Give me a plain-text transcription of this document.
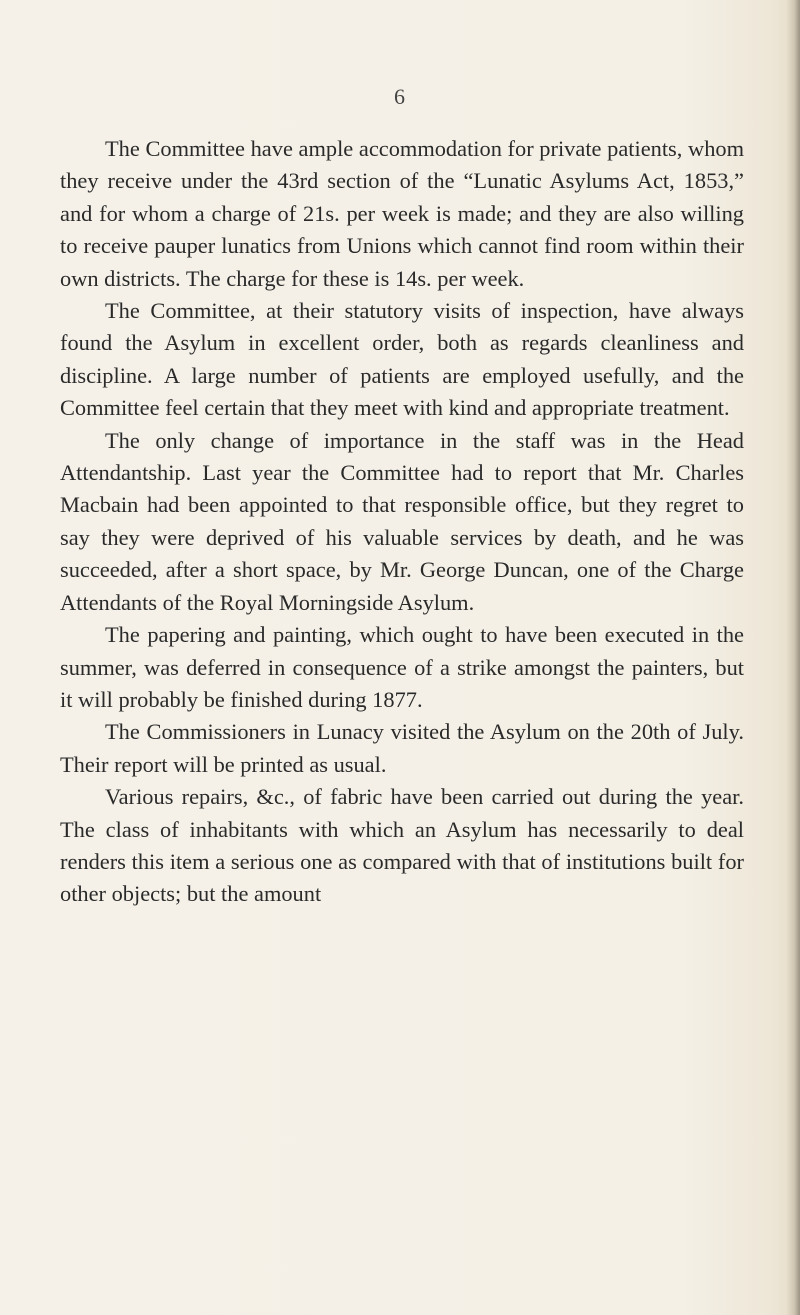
6

The Committee have ample accommodation for private patients, whom they receive under the 43rd section of the “Lunatic Asylums Act, 1853,” and for whom a charge of 21s. per week is made; and they are also willing to receive pauper lunatics from Unions which cannot find room within their own districts. The charge for these is 14s. per week.

The Committee, at their statutory visits of inspection, have always found the Asylum in excellent order, both as regards cleanliness and discipline. A large number of patients are employed usefully, and the Committee feel certain that they meet with kind and appropriate treatment.

The only change of importance in the staff was in the Head Attendantship. Last year the Committee had to report that Mr. Charles Macbain had been appointed to that responsible office, but they regret to say they were deprived of his valuable services by death, and he was succeeded, after a short space, by Mr. George Duncan, one of the Charge Attendants of the Royal Morningside Asylum.

The papering and painting, which ought to have been executed in the summer, was deferred in consequence of a strike amongst the painters, but it will probably be finished during 1877.

The Commissioners in Lunacy visited the Asylum on the 20th of July. Their report will be printed as usual.

Various repairs, &c., of fabric have been carried out during the year. The class of inhabitants with which an Asylum has necessarily to deal renders this item a serious one as compared with that of institutions built for other objects; but the amount
